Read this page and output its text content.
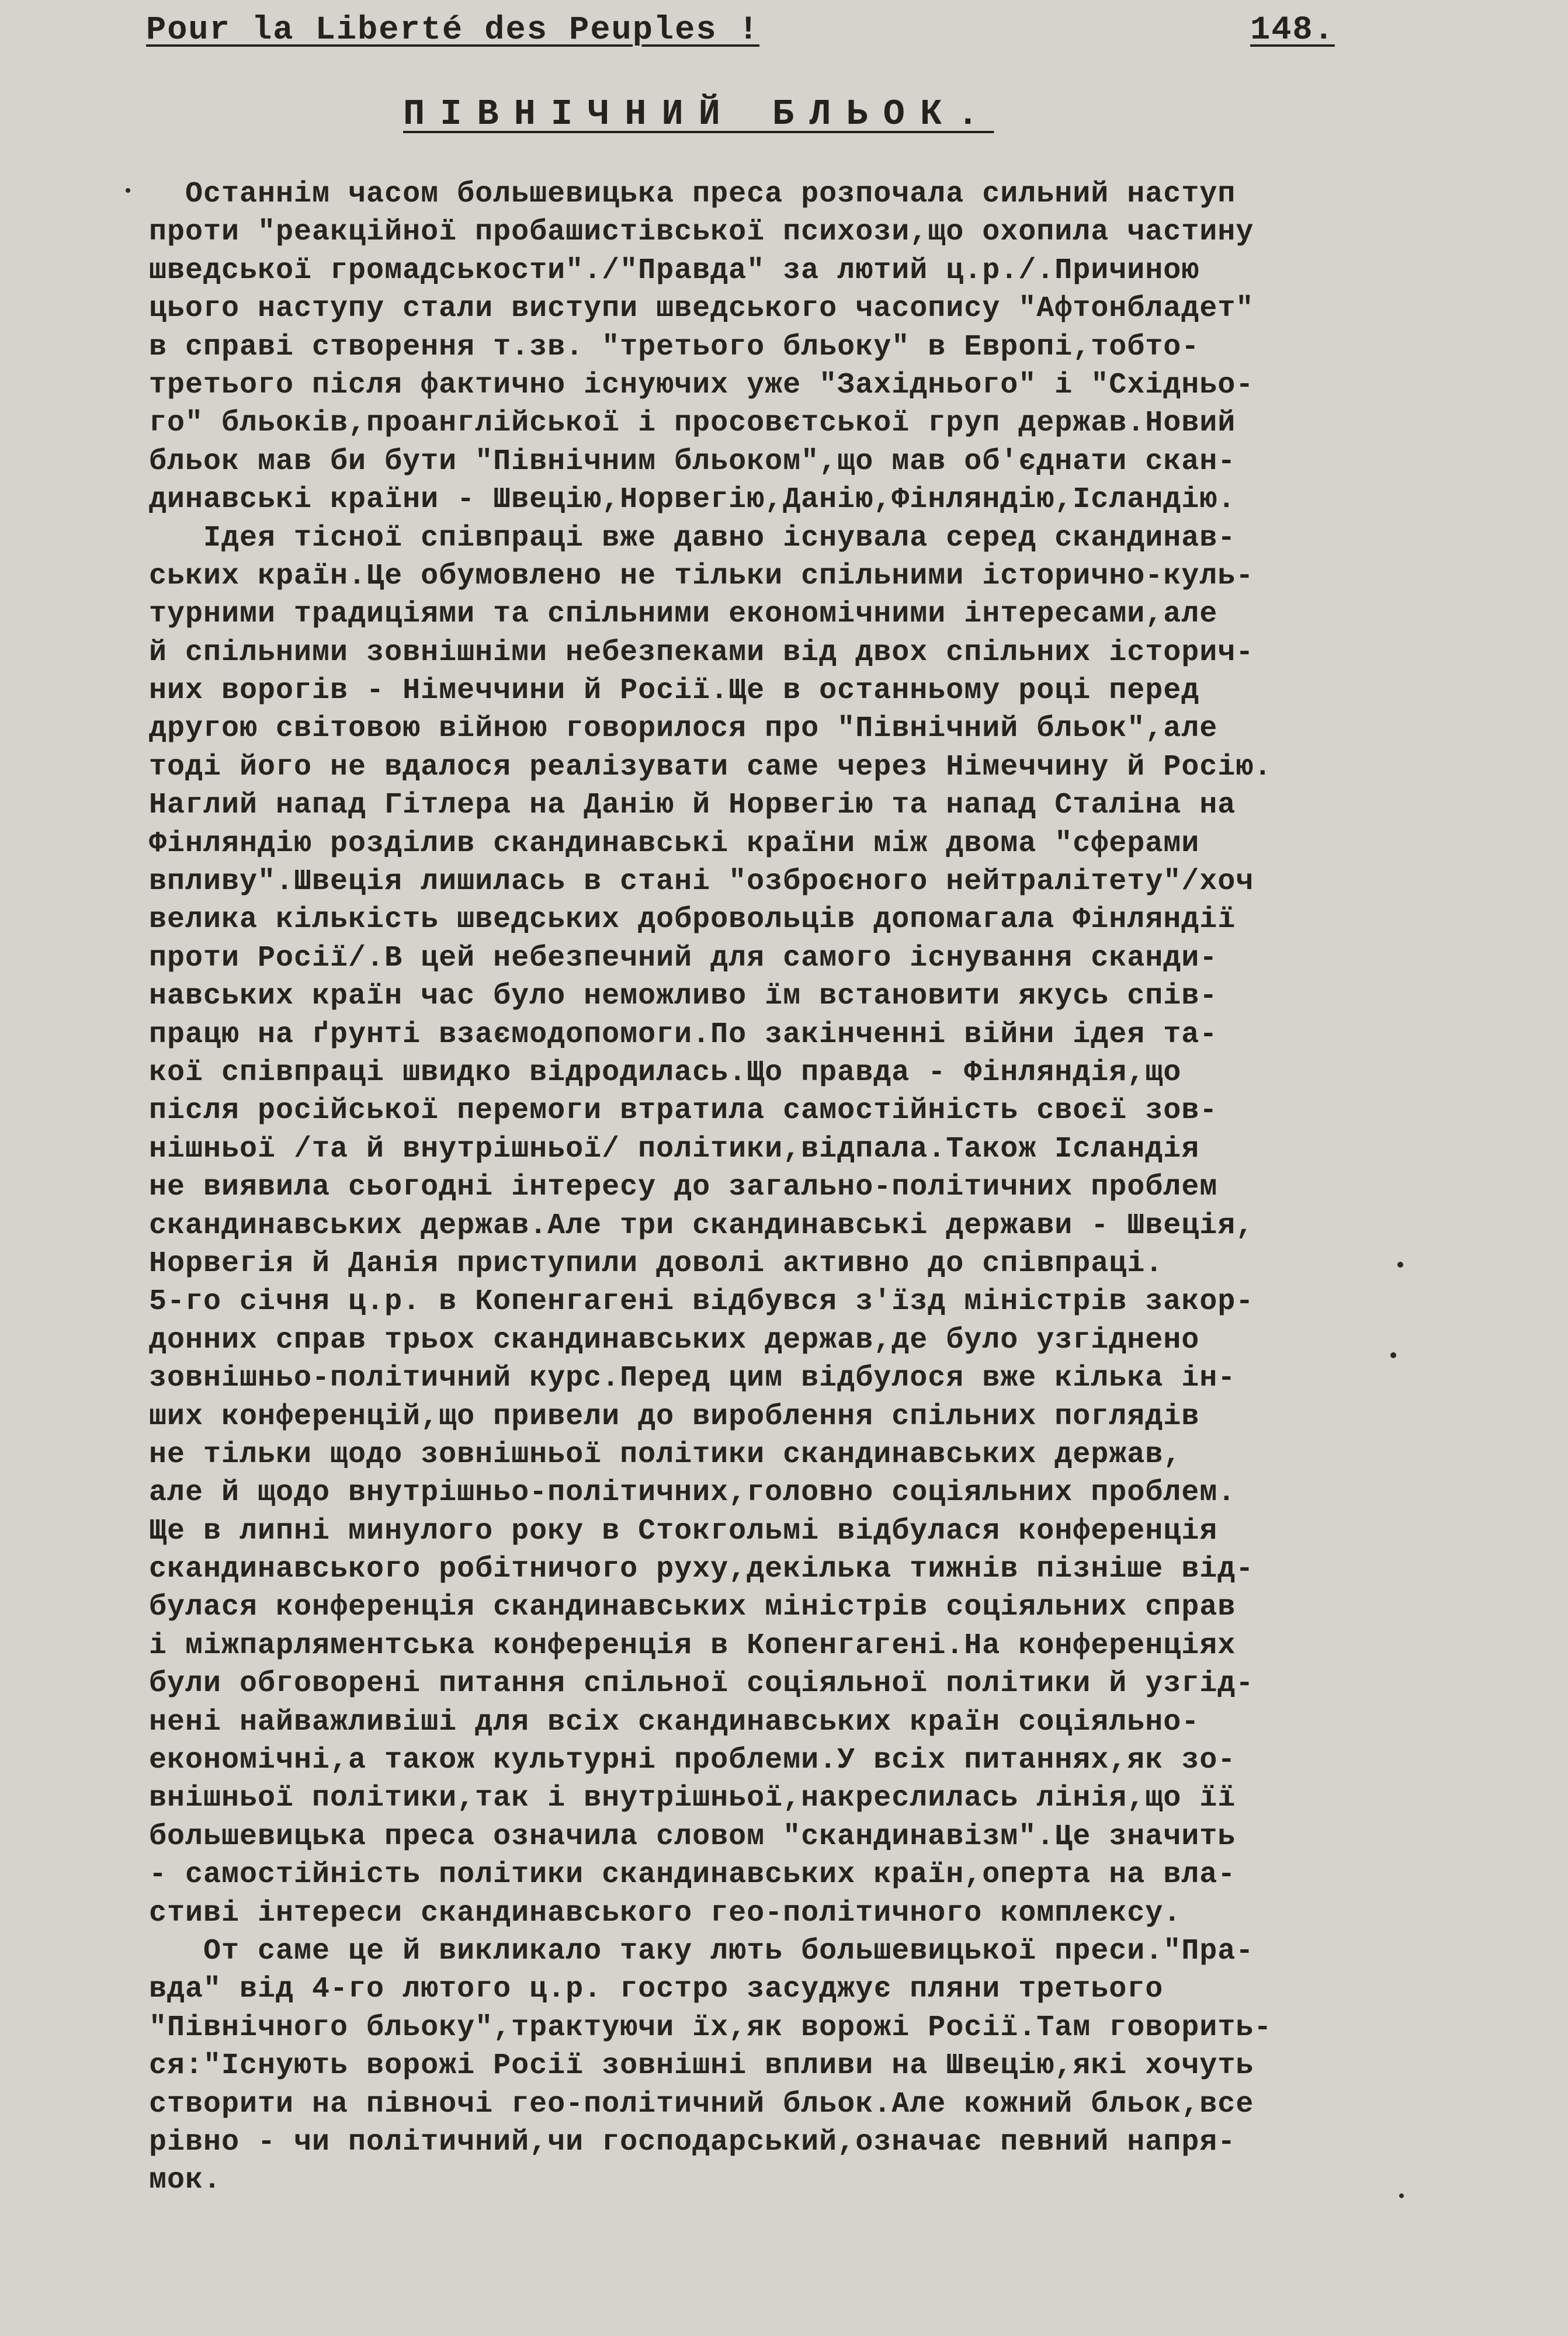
Pour la Liberté des Peuples !	148.
ПІВНІЧНИЙ БЛЬОК.
Останнім часом большевицька преса розпочала сильний наступ
проти "реакційної пробашистівської психози,що охопила частину
шведської громадськости"./"Правда" за лютий ц.р./.Причиною
цього наступу стали виступи шведського часопису "Афтонбладет"
в справі створення т.зв. "третього бльоку" в Европі,тобто-
третього після фактично існуючих уже "Західнього" і "Східньо-
го" бльоків,проанглійської і просовєтської груп держав.Новий
бльок мав би бути "Північним бльоком",що мав об'єднати скан-
динавські країни - Швецію,Норвегію,Данію,Фінляндію,Ісландію.
Ідея тісної співпраці вже давно існувала серед скандинав-
ських країн.Це обумовлено не тільки спільними історично-куль-
турними традиціями та спільними економічними інтересами,але
й спільними зовнішніми небезпеками від двох спільних історич-
них ворогів - Німеччини й Росії.Ще в останньому році перед
другою світовою війною говорилося про "Північний бльок",але
тоді його не вдалося реалізувати саме через Німеччину й Росію.
Наглий напад Гітлера на Данію й Норвегію та напад Сталіна на
Фінляндію розділив скандинавські країни між двома "сферами
впливу".Швеція лишилась в стані "озброєного нейтралітету"/хоч
велика кількість шведських добровольців допомагала Фінляндії
проти Росії/.В цей небезпечний для самого існування сканди-
навських країн час було неможливо їм встановити якусь спів-
працю на ґрунті взаємодопомоги.По закінченні війни ідея та-
кої співпраці швидко відродилась.Що правда - Фінляндія,що
після російської перемоги втратила самостійність своєї зов-
нішньої /та й внутрішньої/ політики,відпала.Також Ісландія
не виявила сьогодні інтересу до загально-політичних проблем
скандинавських держав.Але три скандинавські держави - Швеція,
Норвегія й Данія приступили доволі активно до співпраці.
5-го січня ц.р. в Копенгагені відбувся з'їзд міністрів закор-
донних справ трьох скандинавських держав,де було узгіднено
зовнішньо-політичний курс.Перед цим відбулося вже кілька ін-
ших конференцій,що привели до вироблення спільних поглядів
не тільки щодо зовнішньої політики скандинавських держав,
але й щодо внутрішньо-політичних,головно соціяльних проблем.
Ще в липні минулого року в Стокгольмі відбулася конференція
скандинавського робітничого руху,декілька тижнів пізніше від-
булася конференція скандинавських міністрів соціяльних справ
і міжпарляментська конференція в Копенгагені.На конференціях
були обговорені питання спільної соціяльної політики й узгід-
нені найважливіші для всіх скандинавських країн соціяльно-
економічні,а також культурні проблеми.У всіх питаннях,як зо-
внішньої політики,так і внутрішньої,накреслилась лінія,що її
большевицька преса означила словом "скандинавізм".Це значить
- самостійність політики скандинавських країн,оперта на вла-
стиві інтереси скандинавського гео-політичного комплексу.
От саме це й викликало таку лють большевицької преси."Пра-
вда" від 4-го лютого ц.р. гостро засуджує пляни третього
"Північного бльоку",трактуючи їх,як ворожі Росії.Там говорить-
ся:"Існують ворожі Росії зовнішні впливи на Швецію,які хочуть
створити на півночі гео-політичний бльок.Але кожний бльок,все
рівно - чи політичний,чи господарський,означає певний напря-
мок.
